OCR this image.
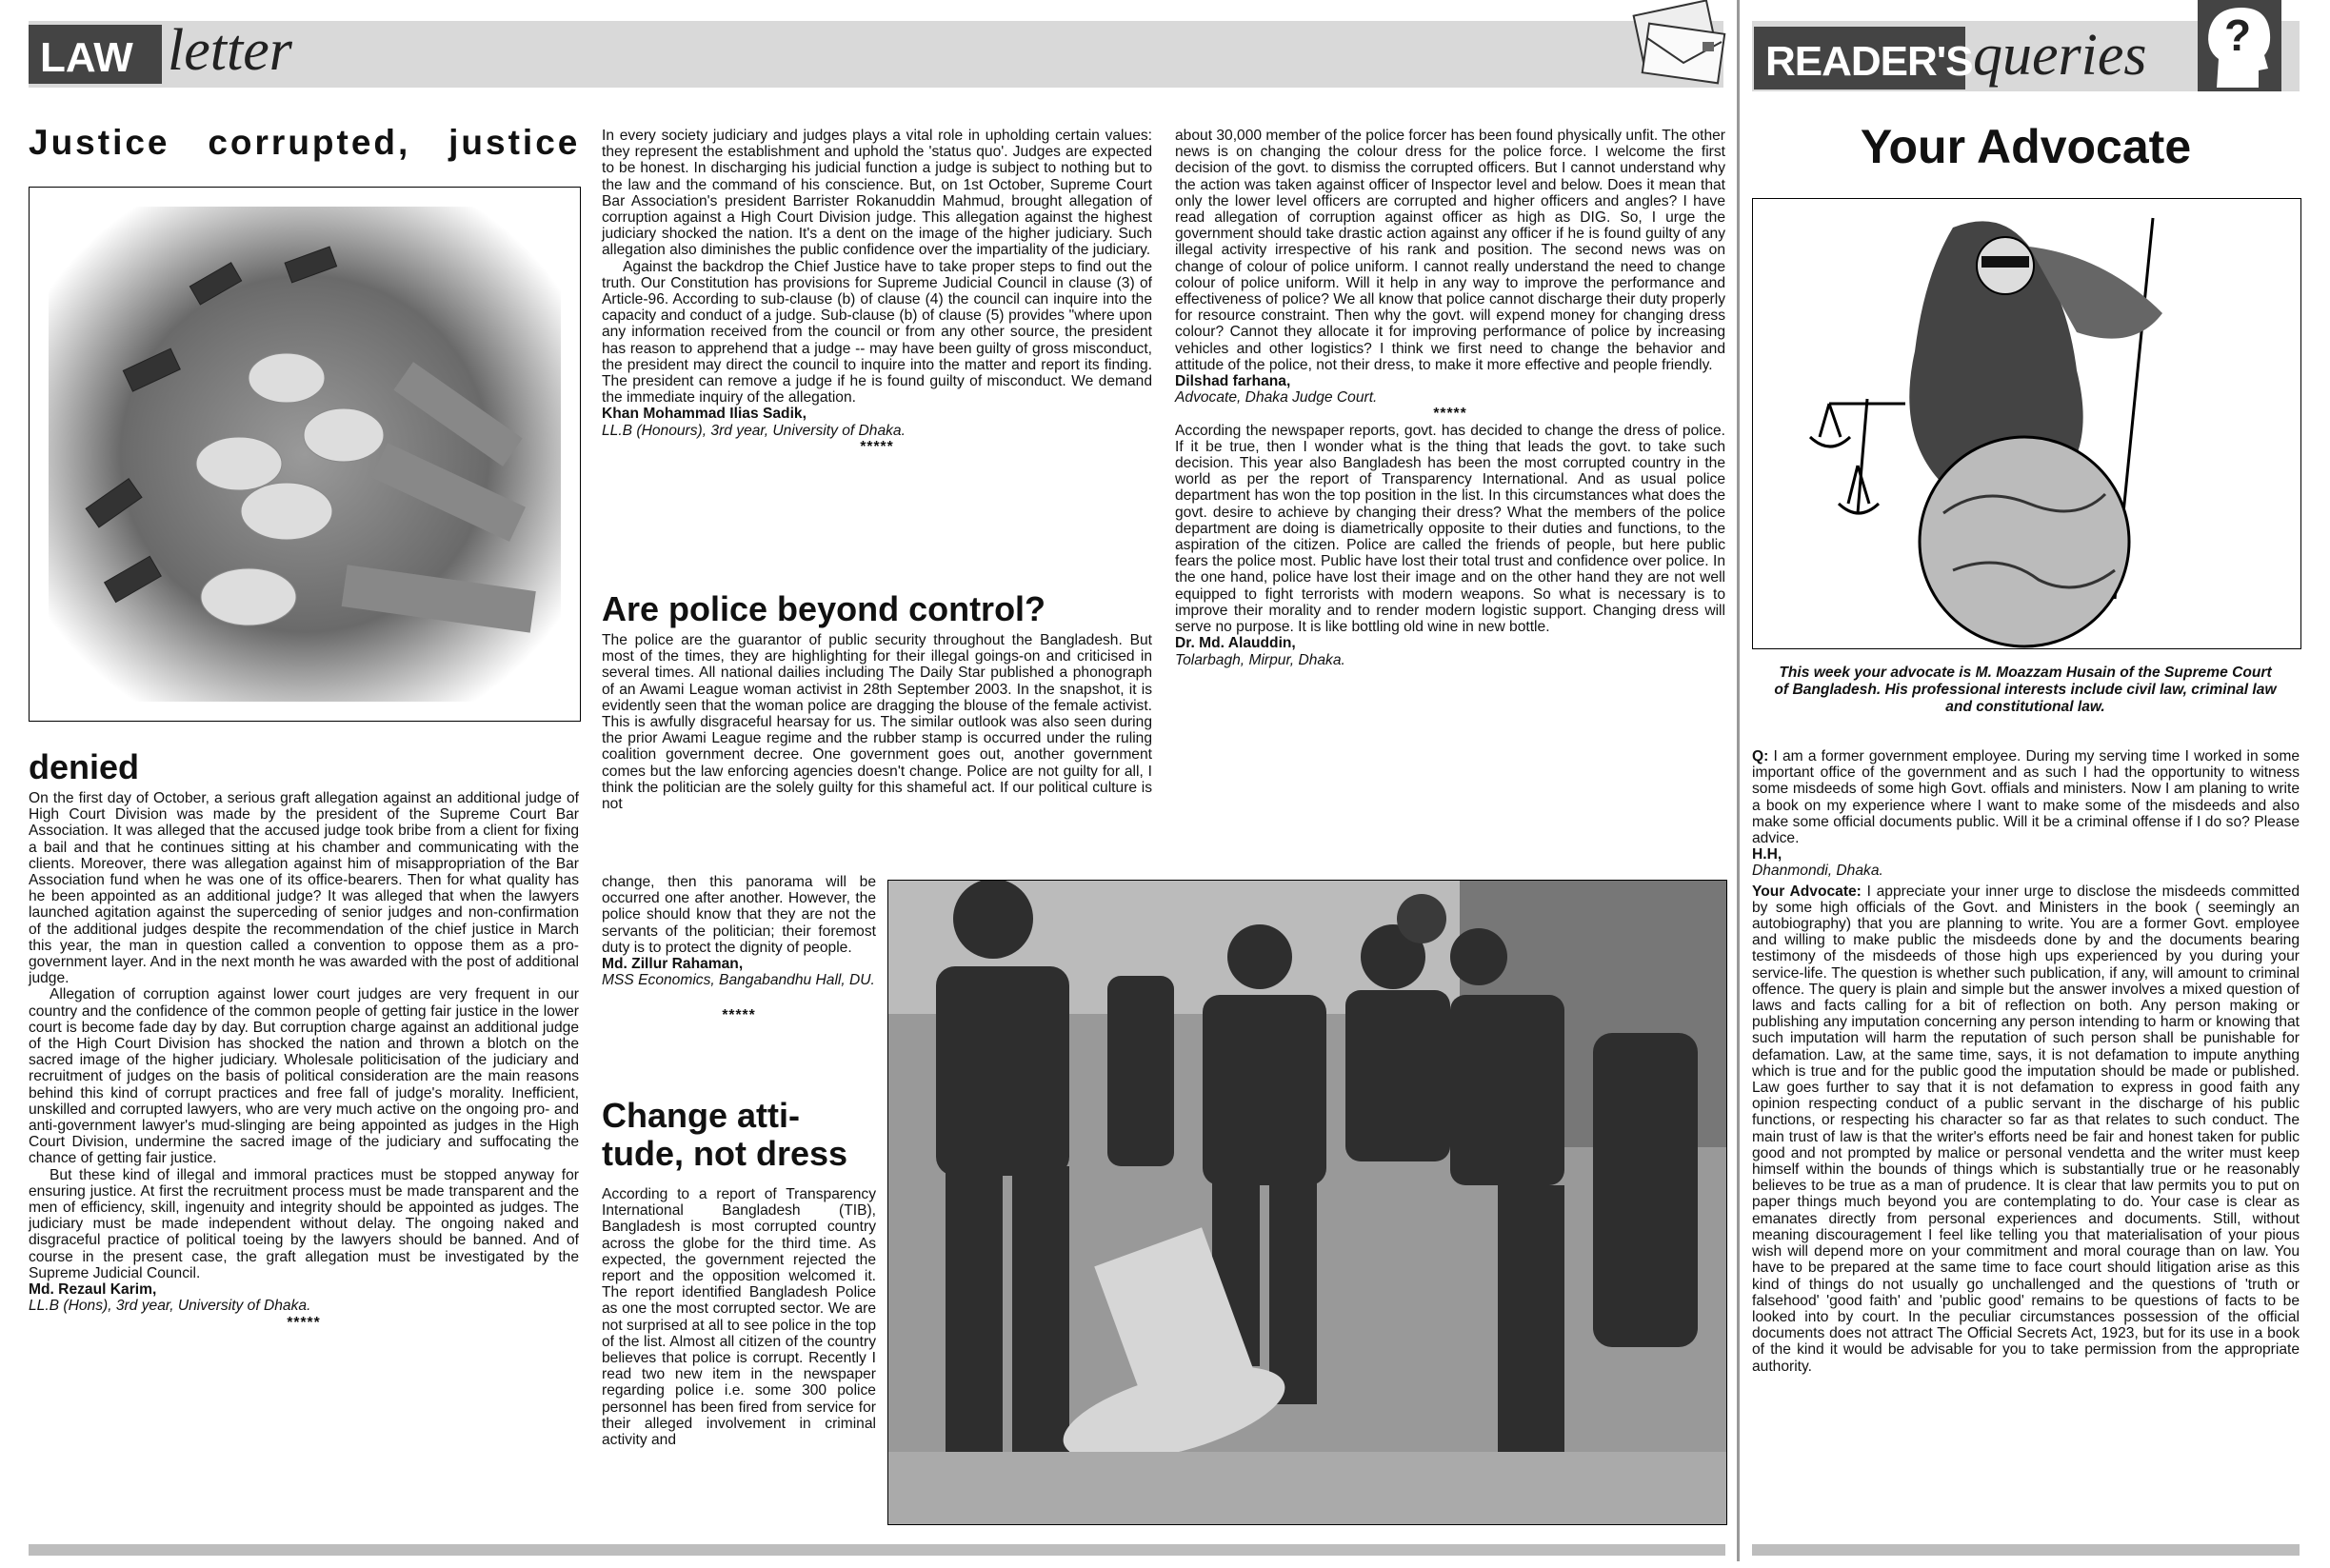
LAW letter	READER'S queries ?
Justice   corrupted,   justice
denied

On the first day of October, a serious graft allegation against an additional judge of High Court Division was made by the president of the Supreme Court Bar Association. It was alleged that the accused judge took bribe from a client for fixing a bail and that he continues sitting at his chamber and communicating with the clients. Moreover, there was allegation against him of misappropriation of the Bar Association fund when he was one of its office-bearers. Then for what quality has he been appointed as an additional judge? It was alleged that when the lawyers launched agitation against the superceding of senior judges and non-confirmation of the additional judges despite the recommendation of the chief justice in March this year, the man in question called a convention to oppose them as a pro-government layer. And in the next month he was awarded with the post of additional judge.

Allegation of corruption against lower court judges are very frequent in our country and the confidence of the common people of getting fair justice in the lower court is become fade day by day. But corruption charge against an additional judge of the High Court Division has shocked the nation and thrown a blotch on the sacred image of the higher judiciary. Wholesale politicisation of the judiciary and recruitment of judges on the basis of political consideration are the main reasons behind this kind of corrupt practices and free fall of judge's morality. Inefficient, unskilled and corrupted lawyers, who are very much active on the ongoing pro- and anti-government lawyer's mud-slinging are being appointed as judges in the High Court Division, undermine the sacred image of the judiciary and suffocating the chance of getting fair justice.

But these kind of illegal and immoral practices must be stopped anyway for ensuring justice. At first the recruitment process must be made transparent and the men of efficiency, skill, ingenuity and integrity should be appointed as judges. The judiciary must be made independent without delay. The ongoing naked and disgraceful practice of political toeing by the lawyers should be banned. And of course in the present case, the graft allegation must be investigated by the Supreme Judicial Council.

Md. Rezaul Karim,

LL.B (Hons), 3rd year, University of Dhaka.

*****

In every society judiciary and judges plays a vital role in upholding certain values: they represent the establishment and uphold the 'status quo'. Judges are expected to be honest. In discharging his judicial function a judge is subject to nothing but to the law and the command of his conscience. But, on 1st October, Supreme Court Bar Association's president Barrister Rokanuddin Mahmud, brought allegation of corruption against a High Court Division judge. This allegation against the highest judiciary shocked the nation. It's a dent on the image of the higher judiciary. Such allegation also diminishes the public confidence over the impartiality of the judiciary.

Against the backdrop the Chief Justice have to take proper steps to find out the truth. Our Constitution has provisions for Supreme Judicial Council in clause (3) of Article-96. According to sub-clause (b) of clause (4) the council can inquire into the capacity and conduct of a judge. Sub-clause (b) of clause (5) provides "where upon any information received from the council or from any other source, the president has reason to apprehend that a judge -- may have been guilty of gross misconduct, the president may direct the council to inquire into the matter and report its finding. The president can remove a judge if he is found guilty of misconduct. We demand the immediate inquiry of the allegation.

Khan Mohammad Ilias Sadik,

LL.B (Honours), 3rd year, University of Dhaka.

*****

Are police beyond control?
The police are the guarantor of public security throughout the Bangladesh. But most of the times, they are highlighting for their illegal goings-on and criticised in several times. All national dailies including The Daily Star published a phonograph of an Awami League woman activist in 28th September 2003. In the snapshot, it is evidently seen that the woman police are dragging the blouse of the female activist. This is awfully disgraceful hearsay for us. The similar outlook was also seen during the prior Awami League regime and the rubber stamp is occurred under the ruling coalition government decree. One government goes out, another government comes but the law enforcing agencies doesn't change. Police are not guilty for all, I think the politician are the solely guilty for this shameful act. If our political culture is not

change, then this panorama will be occurred one after another. However, the police should know that they are not the servants of the politician; their foremost duty is to protect the dignity of people.

Md. Zillur Rahaman,

MSS Economics, Bangabandhu Hall, DU.

*****

Change atti-tude, not dress

According to a report of Transparency International Bangladesh (TIB), Bangladesh is most corrupted country across the globe for the third time. As expected, the government rejected the report and the opposition welcomed it. The report identified Bangladesh Police as one the most corrupted sector. We are not surprised at all to see police in the top of the list. Almost all citizen of the country believes that police is corrupt. Recently I read two new item in the newspaper regarding police i.e. some 300 police personnel has been fired from service for their alleged involvement in criminal activity and

about 30,000 member of the police forcer has been found physically unfit. The other news is on changing the colour dress for the police force. I welcome the first decision of the govt. to dismiss the corrupted officers. But I cannot understand why the action was taken against officer of Inspector level and below. Does it mean that only the lower level officers are corrupted and higher officers and angles? I have read allegation of corruption against officer as high as DIG. So, I urge the government should take drastic action against any officer if he is found guilty of any illegal activity irrespective of his rank and position. The second news was on change of colour of police uniform. I cannot really understand the need to change colour of police uniform. Will it help in any way to improve the performance and effectiveness of police? We all know that police cannot discharge their duty properly for resource constraint. Then why the govt. will expend money for changing dress colour? Cannot they allocate it for improving performance of police by increasing vehicles and other logistics? I think we first need to change the behavior and attitude of the police, not their dress, to make it more effective and people friendly.

Dilshad farhana,

Advocate, Dhaka Judge Court.

*****

According the newspaper reports, govt. has decided to change the dress of police. If it be true, then I wonder what is the thing that leads the govt. to take such decision. This year also Bangladesh has been the most corrupted country in the world as per the report of Transparency International. And as usual police department has won the top position in the list. In this circumstances what does the govt. desire to achieve by changing their dress? What the members of the police department are doing is diametrically opposite to their duties and functions, to the aspiration of the citizen. Police are called the friends of people, but here public fears the police most. Public have lost their total trust and confidence over police. In the one hand, police have lost their image and on the other hand they are not well equipped to fight terrorists with modern weapons. So what is necessary is to improve their morality and to render modern logistic support. Changing dress will serve no purpose. It is like bottling old wine in new bottle.

Dr. Md. Alauddin,

Tolarbagh, Mirpur, Dhaka.

Your Advocate
This week your advocate is M. Moazzam Husain of the Supreme Court of Bangladesh. His professional interests include civil law, criminal law and constitutional law.

Q: I am a former government employee. During my serving time I worked in some important office of the government and as such I had the opportunity to witness some misdeeds of some high Govt. offials and ministers. Now I am planing to write a book on my experience where I want to make some of the misdeeds and also make some official documents public. Will it be a criminal offense if I do so? Please advice.

H.H,

Dhanmondi, Dhaka.

Your Advocate: I appreciate your inner urge to disclose the misdeeds committed by some high officials of the Govt. and Ministers in the book ( seemingly an autobiography) that you are planning to write. You are a former Govt. employee and willing to make public the misdeeds done by and the documents bearing testimony of the misdeeds of those high ups experienced by you during your service-life. The question is whether such publication, if any, will amount to criminal offence. The query is plain and simple but the answer involves a mixed question of laws and facts calling for a bit of reflection on both. Any person making or publishing any imputation concerning any person intending to harm or knowing that such imputation will harm the reputation of such person shall be punishable for defamation. Law, at the same time, says, it is not defamation to impute anything which is true and for the public good the imputation should be made or published. Law goes further to say that it is not defamation to express in good faith any opinion respecting conduct of a public servant in the discharge of his public functions, or respecting his character so far as that relates to such conduct. The main trust of law is that the writer's efforts need be fair and honest taken for public good and not prompted by malice or personal vendetta and the writer must keep himself within the bounds of things which is substantially true or he reasonably believes to be true as a man of prudence. It is clear that law permits you to put on paper things much beyond you are contemplating to do. Your case is clear as emanates directly from personal experiences and documents. Still, without meaning discouragement I feel like telling you that materialisation of your pious wish will depend more on your commitment and moral courage than on law. You have to be prepared at the same time to face court should litigation arise as this kind of things do not usually go unchallenged and the questions of 'truth or falsehood' 'good faith' and 'public good' remains to be questions of facts to be looked into by court. In the peculiar circumstances possession of the official documents does not attract The Official Secrets Act, 1923, but for its use in a book of the kind it would be advisable for you to take permission from the appropriate authority.
